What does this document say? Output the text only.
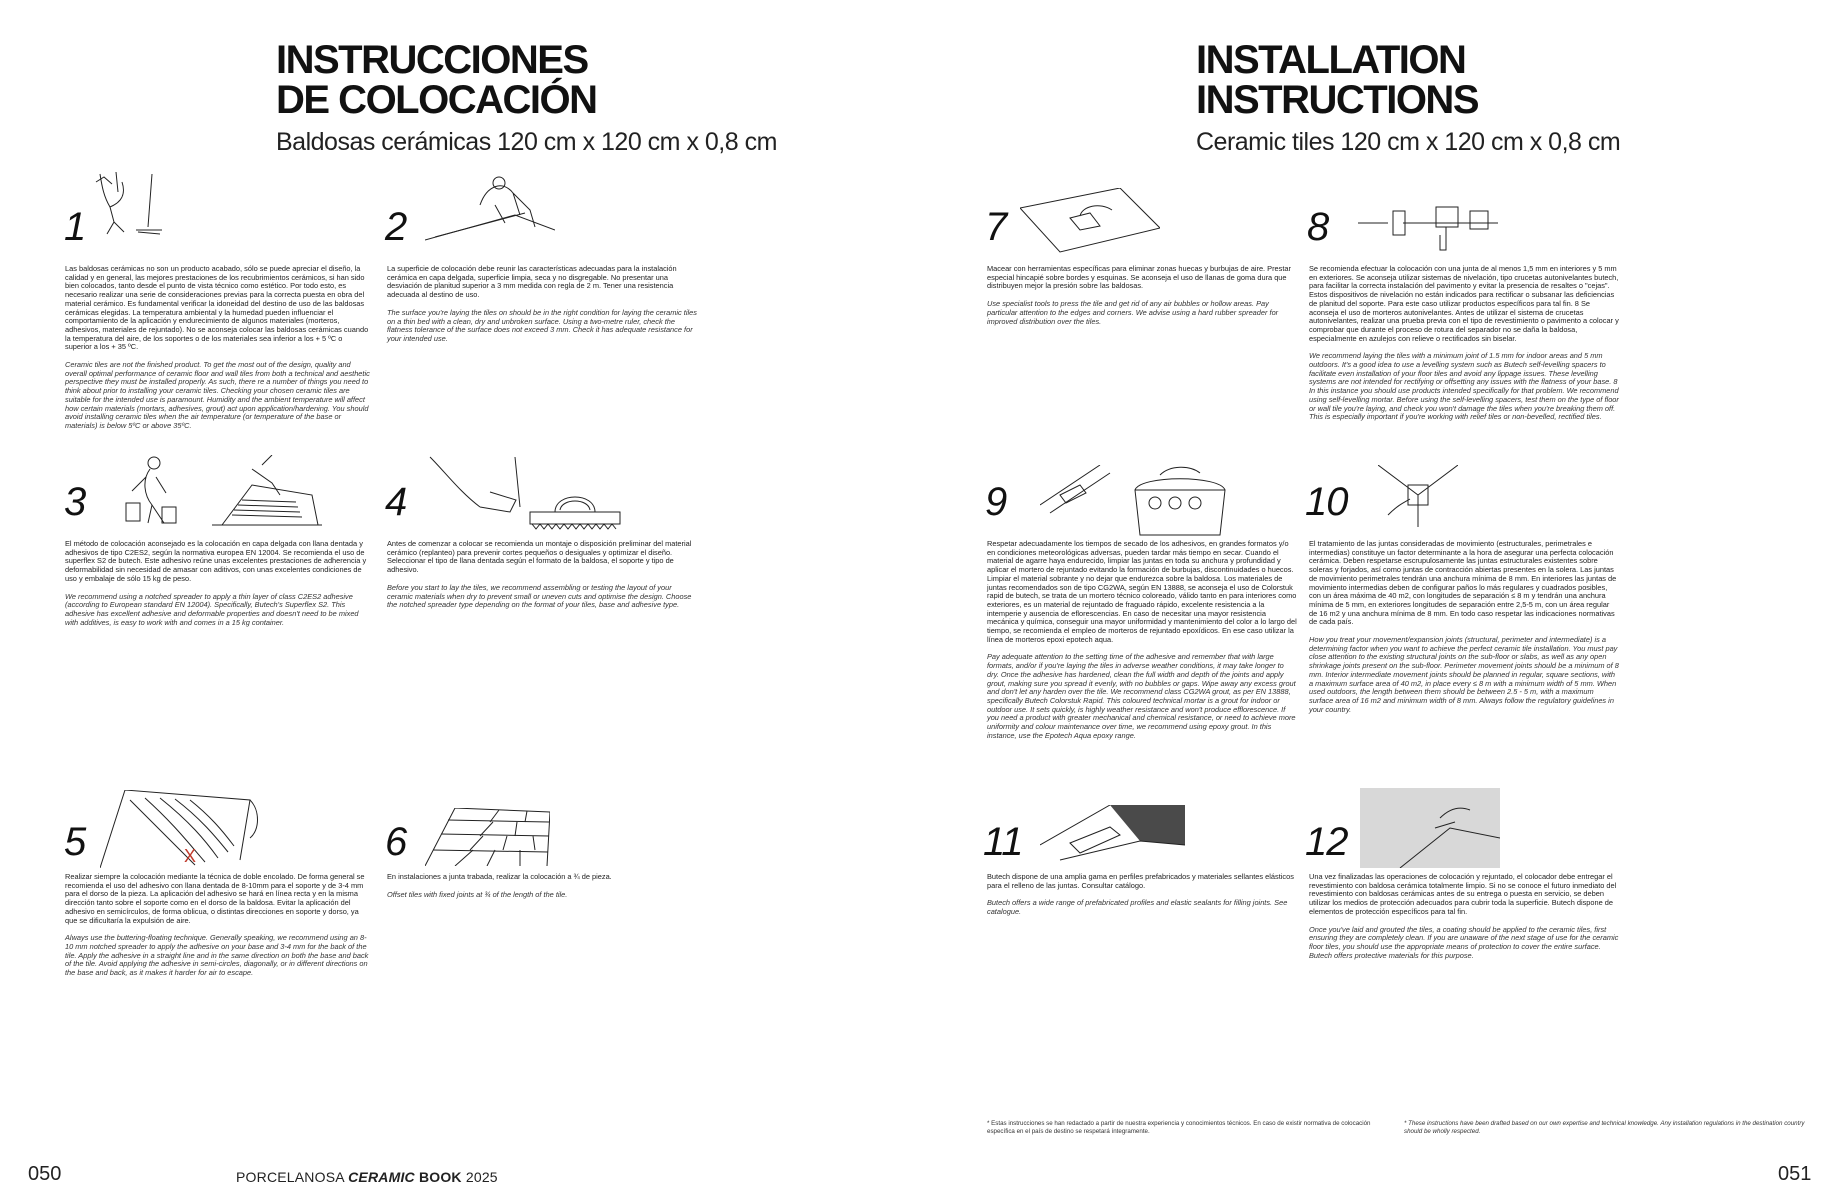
INSTRUCCIONES
DE COLOCACIÓN
Baldosas cerámicas 120 cm x 120 cm x 0,8 cm
INSTALLATION
INSTRUCTIONS
Ceramic tiles 120 cm x 120 cm x 0,8 cm
1

Las baldosas cerámicas no son un producto acabado, sólo se puede apreciar el diseño, la calidad y en general, las mejores prestaciones de los recubrimientos cerámicos, si han sido bien colocados, tanto desde el punto de vista técnico como estético. Por todo esto, es necesario realizar una serie de consideraciones previas para la correcta puesta en obra del material cerámico. Es fundamental verificar la idoneidad del destino de uso de las baldosas cerámicas elegidas. La temperatura ambiental y la humedad pueden influenciar el comportamiento de la aplicación y endurecimiento de algunos materiales (morteros, adhesivos, materiales de rejuntado). No se aconseja colocar las baldosas cerámicas cuando la temperatura del aire, de los soportes o de los materiales sea inferior a los + 5 ºC o superior a los + 35 ºC.

Ceramic tiles are not the finished product. To get the most out of the design, quality and overall optimal performance of ceramic floor and wall tiles from both a technical and aesthetic perspective they must be installed properly. As such, there re a number of things you need to think about prior to installing your ceramic tiles. Checking your chosen ceramic tiles are suitable for the intended use is paramount. Humidity and the ambient temperature will affect how certain materials (mortars, adhesives, grout) act upon application/hardening. You should avoid installing ceramic tiles when the air temperature (or temperature of the base or materials) is below 5ºC or above 35ºC.

2

La superficie de colocación debe reunir las características adecuadas para la instalación cerámica en capa delgada, superficie limpia, seca y no disgregable. No presentar una desviación de planitud superior a 3 mm medida con regla de 2 m. Tener una resistencia adecuada al destino de uso.

The surface you're laying the tiles on should be in the right condition for laying the ceramic tiles on a thin bed with a clean, dry and unbroken surface. Using a two-metre ruler, check the flatness tolerance of the surface does not exceed 3 mm. Check it has adequate resistance for your intended use.

3

El método de colocación aconsejado es la colocación en capa delgada con llana dentada y adhesivos de tipo C2ES2, según la normativa europea EN 12004. Se recomienda el uso de superflex S2 de butech. Este adhesivo reúne unas excelentes prestaciones de adherencia y deformabilidad sin necesidad de amasar con aditivos, con unas excelentes condiciones de uso y embalaje de sólo 15 kg de peso.

We recommend using a notched spreader to apply a thin layer of class C2ES2 adhesive (according to European standard EN 12004). Specifically, Butech's Superflex S2. This adhesive has excellent adhesive and deformable properties and doesn't need to be mixed with additives, is easy to work with and comes in a 15 kg container.

4

Antes de comenzar a colocar se recomienda un montaje o disposición preliminar del material cerámico (replanteo) para prevenir cortes pequeños o desiguales y optimizar el diseño. Seleccionar el tipo de llana dentada según el formato de la baldosa, el soporte y tipo de adhesivo.

Before you start to lay the tiles, we recommend assembling or testing the layout of your ceramic materials when dry to prevent small or uneven cuts and optimise the design. Choose the notched spreader type depending on the format of your tiles, base and adhesive type.

X
5

Realizar siempre la colocación mediante la técnica de doble encolado. De forma general se recomienda el uso del adhesivo con llana dentada de 8-10mm para el soporte y de 3-4 mm para el dorso de la pieza. La aplicación del adhesivo se hará en línea recta y en la misma dirección tanto sobre el soporte como en el dorso de la baldosa. Evitar la aplicación del adhesivo en semicírculos, de forma oblicua, o distintas direcciones en soporte y dorso, ya que se dificultaría la expulsión de aire.

Always use the buttering-floating technique. Generally speaking, we recommend using an 8-10 mm notched spreader to apply the adhesive on your base and 3-4 mm for the back of the tile. Apply the adhesive in a straight line and in the same direction on both the base and back of the tile. Avoid applying the adhesive in semi-circles, diagonally, or in different directions on the base and back, as it makes it harder for air to escape.

6

En instalaciones a junta trabada, realizar la colocación a ¾ de pieza.

Offset tiles with fixed joints at ¾ of the length of the tile.

7

Macear con herramientas específicas para eliminar zonas huecas y burbujas de aire. Prestar especial hincapié sobre bordes y esquinas. Se aconseja el uso de llanas de goma dura que distribuyen mejor la presión sobre las baldosas.

Use specialist tools to press the tile and get rid of any air bubbles or hollow areas. Pay particular attention to the edges and corners. We advise using a hard rubber spreader for improved distribution over the tiles.

8

Se recomienda efectuar la colocación con una junta de al menos 1,5 mm en interiores y 5 mm en exteriores. Se aconseja utilizar sistemas de nivelación, tipo crucetas autonivelantes butech, para facilitar la correcta instalación del pavimento y evitar la presencia de resaltes o "cejas". Estos dispositivos de nivelación no están indicados para rectificar o subsanar las deficiencias de planitud del soporte. Para este caso utilizar productos específicos para tal fin. 8 Se aconseja el uso de morteros autonivelantes. Antes de utilizar el sistema de crucetas autonivelantes, realizar una prueba previa con el tipo de revestimiento o pavimento a colocar y comprobar que durante el proceso de rotura del separador no se daña la baldosa, especialmente en azulejos con relieve o rectificados sin biselar.

We recommend laying the tiles with a minimum joint of 1.5 mm for indoor areas and 5 mm outdoors. It's a good idea to use a levelling system such as Butech self-levelling spacers to facilitate even installation of your floor tiles and avoid any lippage issues. These levelling systems are not intended for rectifying or offsetting any issues with the flatness of your base. 8 In this instance you should use products intended specifically for that problem. We recommend using self-levelling mortar. Before using the self-levelling spacers, test them on the type of floor or wall tile you're laying, and check you won't damage the tiles when you're breaking them off. This is especially important if you're working with relief tiles or non-bevelled, rectified tiles.

9

Respetar adecuadamente los tiempos de secado de los adhesivos, en grandes formatos y/o en condiciones meteorológicas adversas, pueden tardar más tiempo en secar. Cuando el material de agarre haya endurecido, limpiar las juntas en toda su anchura y profundidad y aplicar el mortero de rejuntado evitando la formación de burbujas, discontinuidades o huecos. Limpiar el material sobrante y no dejar que endurezca sobre la baldosa. Los materiales de juntas recomendados son de tipo CG2WA, según EN 13888, se aconseja el uso de Colorstuk rapid de butech, se trata de un mortero técnico coloreado, válido tanto en para interiores como exteriores, es un material de rejuntado de fraguado rápido, excelente resistencia a la intemperie y ausencia de eflorescencias. En caso de necesitar una mayor resistencia mecánica y química, conseguir una mayor uniformidad y mantenimiento del color a lo largo del tiempo, se recomienda el empleo de morteros de rejuntado epoxídicos. En ese caso utilizar la línea de morteros epoxi epotech aqua.

Pay adequate attention to the setting time of the adhesive and remember that with large formats, and/or if you're laying the tiles in adverse weather conditions, it may take longer to dry. Once the adhesive has hardened, clean the full width and depth of the joints and apply grout, making sure you spread it evenly, with no bubbles or gaps. Wipe away any excess grout and don't let any harden over the tile. We recommend class CG2WA grout, as per EN 13888, specifically Butech Colorstuk Rapid. This coloured technical mortar is a grout for indoor or outdoor use. It sets quickly, is highly weather resistance and won't produce efflorescence. If you need a product with greater mechanical and chemical resistance, or need to achieve more uniformity and colour maintenance over time, we recommend using epoxy grout. In this instance, use the Epotech Aqua epoxy range.

10

El tratamiento de las juntas consideradas de movimiento (estructurales, perimetrales e intermedias) constituye un factor determinante a la hora de asegurar una perfecta colocación cerámica. Deben respetarse escrupulosamente las juntas estructurales existentes sobre soleras y forjados, así como juntas de contracción abiertas presentes en la solera. Las juntas de movimiento perimetrales tendrán una anchura mínima de 8 mm. En interiores las juntas de movimiento intermedias deben de configurar paños lo más regulares y cuadrados posibles, con un área máxima de 40 m2, con longitudes de separación ≤ 8 m y tendrán una anchura mínima de 5 mm, en exteriores longitudes de separación entre 2,5-5 m, con un área regular de 16 m2 y una anchura mínima de 8 mm. En todo caso respetar las indicaciones normativas de cada país.

How you treat your movement/expansion joints (structural, perimeter and intermediate) is a determining factor when you want to achieve the perfect ceramic tile installation. You must pay close attention to the existing structural joints on the sub-floor or slabs, as well as any open shrinkage joints present on the sub-floor. Perimeter movement joints should be a minimum of 8 mm. Interior intermediate movement joints should be planned in regular, square sections, with a maximum surface area of 40 m2, in place every ≤ 8 m with a minimum width of 5 mm. When used outdoors, the length between them should be between 2.5 - 5 m, with a maximum surface area of 16 m2 and minimum width of 8 mm. Always follow the regulatory guidelines in your country.

11

Butech dispone de una amplia gama en perfiles prefabricados y materiales sellantes elásticos para el relleno de las juntas. Consultar catálogo.

Butech offers a wide range of prefabricated profiles and elastic sealants for filling joints. See catalogue.

12

Una vez finalizadas las operaciones de colocación y rejuntado, el colocador debe entregar el revestimiento con baldosa cerámica totalmente limpio. Si no se conoce el futuro inmediato del revestimiento con baldosas cerámicas antes de su entrega o puesta en servicio, se deben utilizar los medios de protección adecuados para cubrir toda la superficie. Butech dispone de elementos de protección específicos para tal fin.

Once you've laid and grouted the tiles, a coating should be applied to the ceramic tiles, first ensuring they are completely clean. If you are unaware of the next stage of use for the ceramic floor tiles, you should use the appropriate means of protection to cover the entire surface. Butech offers protective materials for this purpose.

* Estas instrucciones se han redactado a partir de nuestra experiencia y conocimientos técnicos. En caso de existir normativa de colocación específica en el país de destino se respetará íntegramente.
* These instructions have been drafted based on our own expertise and technical knowledge. Any installation regulations in the destination country should be wholly respected.
050	PORCELANOSA CERAMIC BOOK 2025	051
